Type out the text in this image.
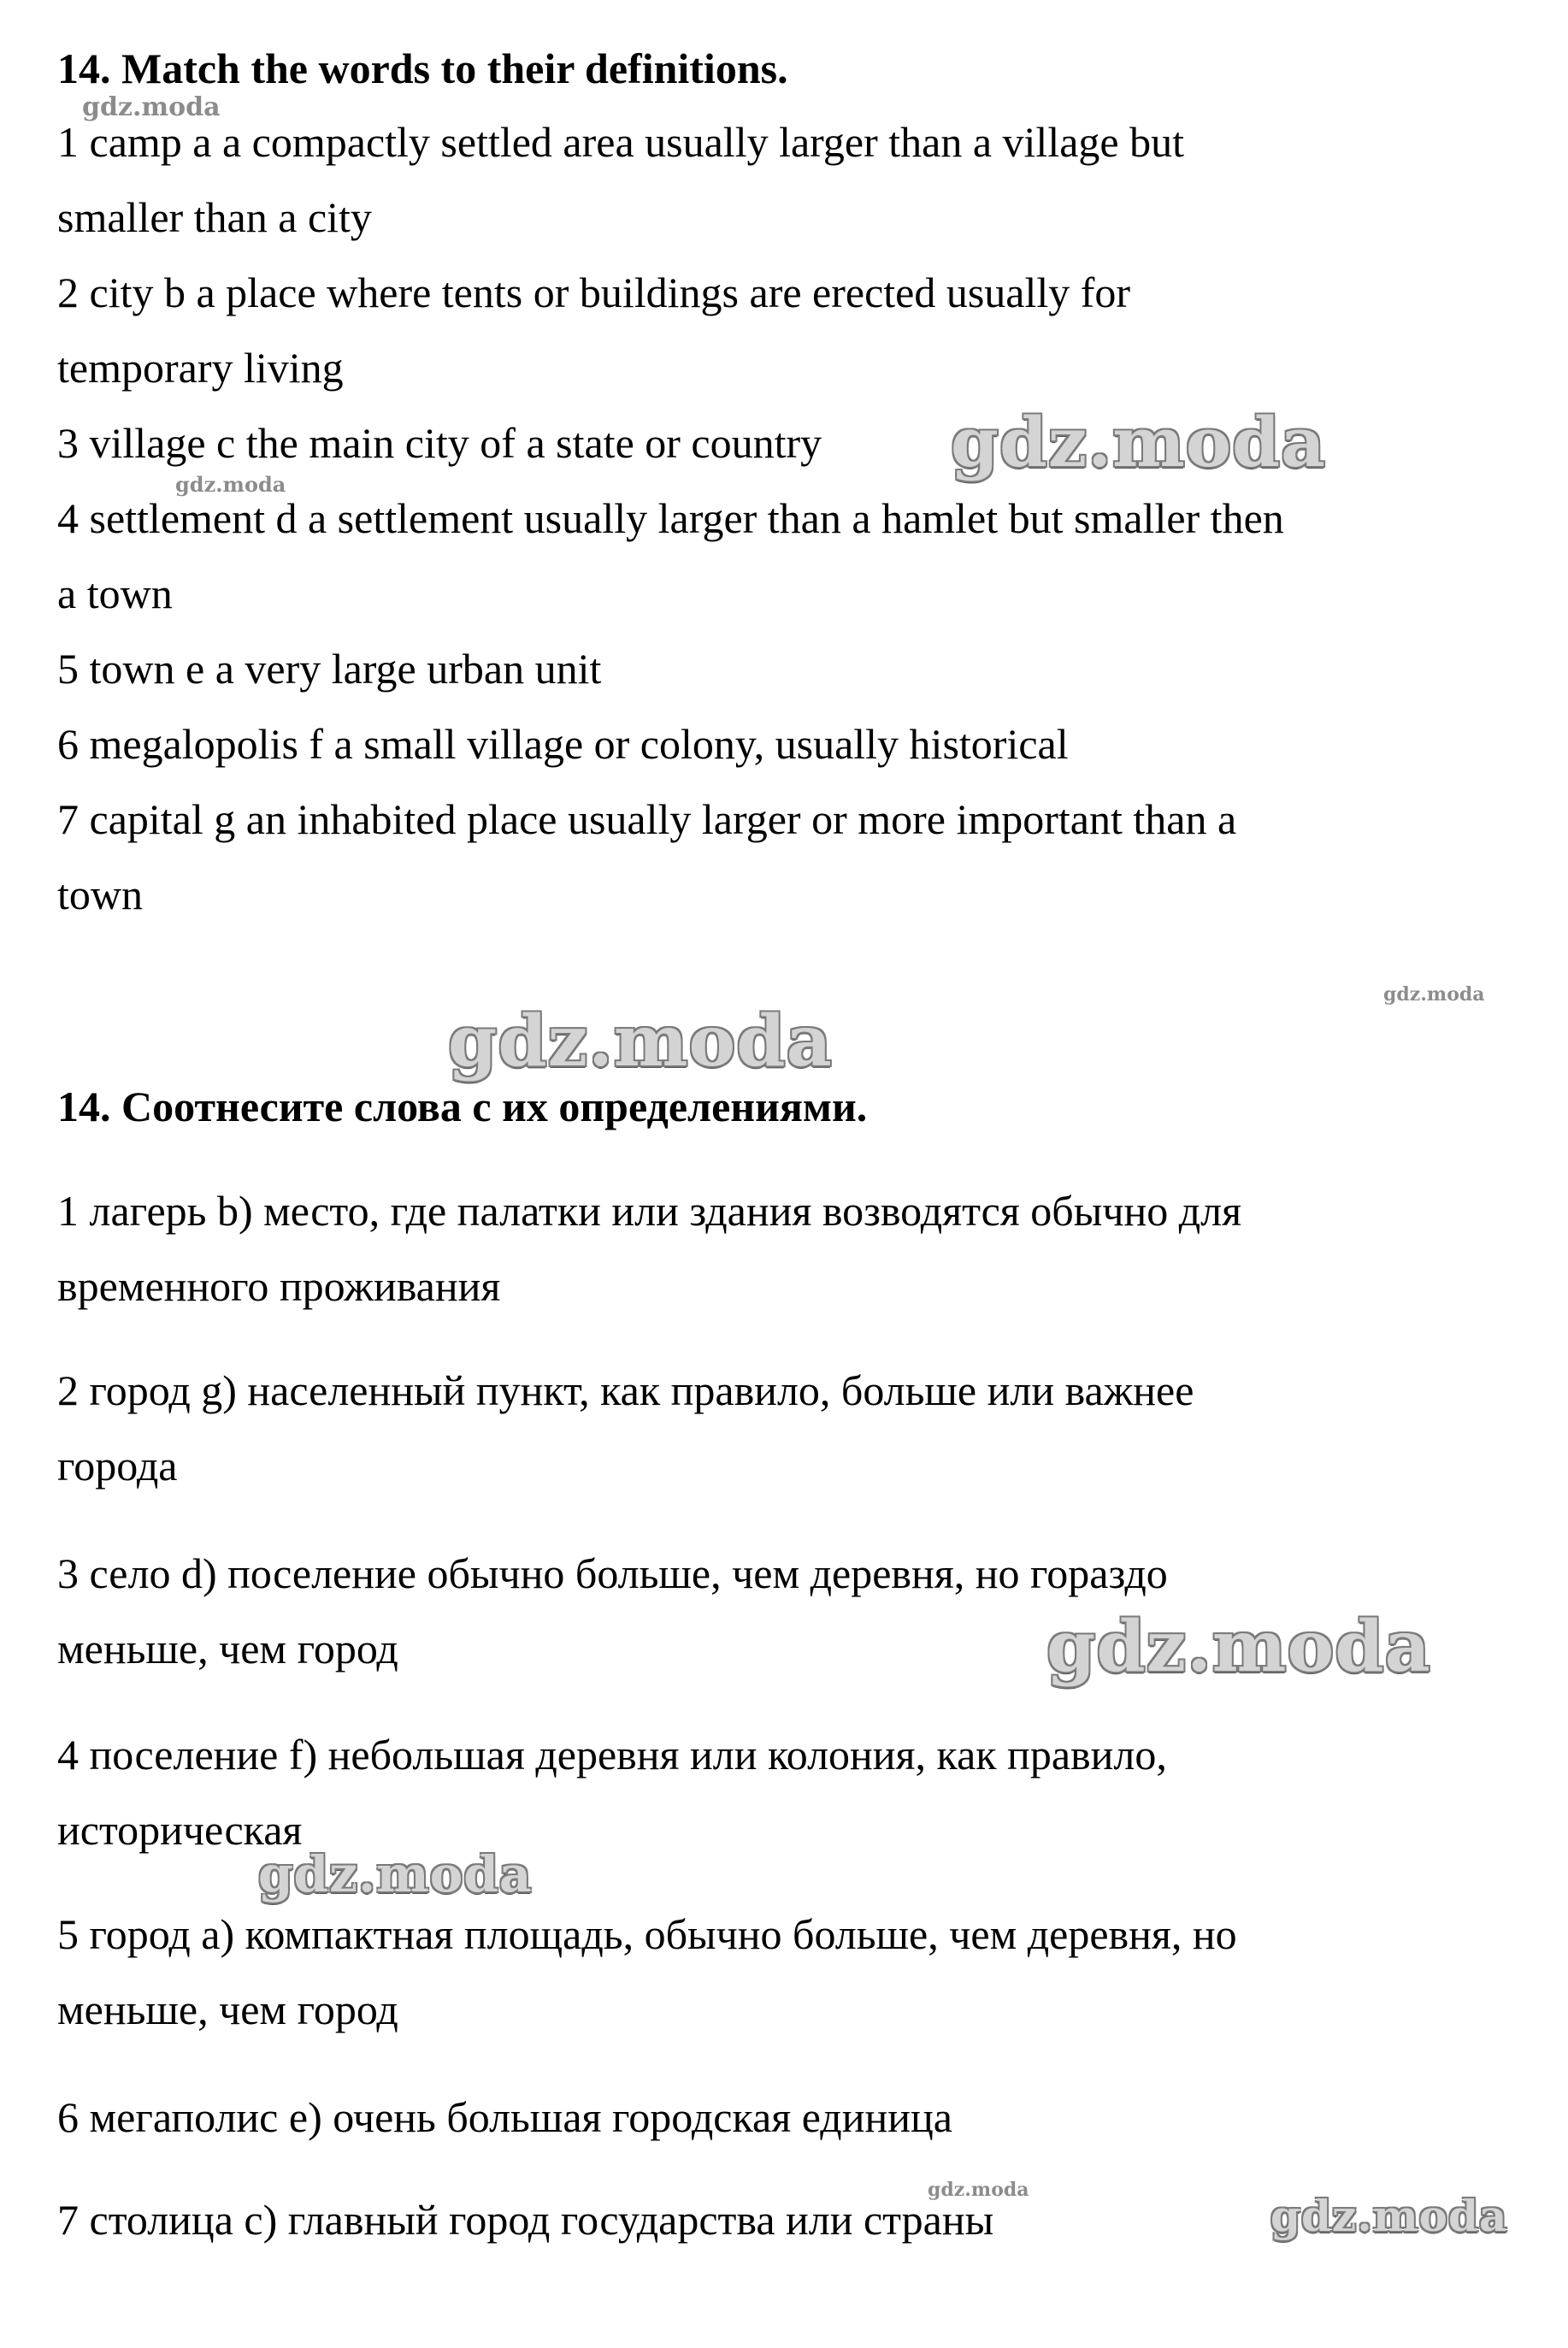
14. Match the words to their definitions.
1 camp a a compactly settled area usually larger than a village but
smaller than a city
2 city b a place where tents or buildings are erected usually for
temporary living
3 village c the main city of a state or country
4 settlement d a settlement usually larger than a hamlet but smaller then
a town
5 town e a very large urban unit
6 megalopolis f a small village or colony, usually historical
7 capital g an inhabited place usually larger or more important than a
town
14. Соотнесите слова с их определениями.
1 лагерь b) место, где палатки или здания возводятся обычно для
временного проживания
2 город g) населенный пункт, как правило, больше или важнее
города
3 село d) поселение обычно больше, чем деревня, но гораздо
меньше, чем город
4 поселение f) небольшая деревня или колония, как правило,
историческая
5 город a) компактная площадь, обычно больше, чем деревня, но
меньше, чем город
6 мегаполис e) очень большая городская единица
7 столица c) главный город государства или страны
gdz.moda
gdz.moda
gdz.moda
gdz.moda
gdz.moda
gdz.moda
gdz.moda
gdz.moda
gdz.moda
